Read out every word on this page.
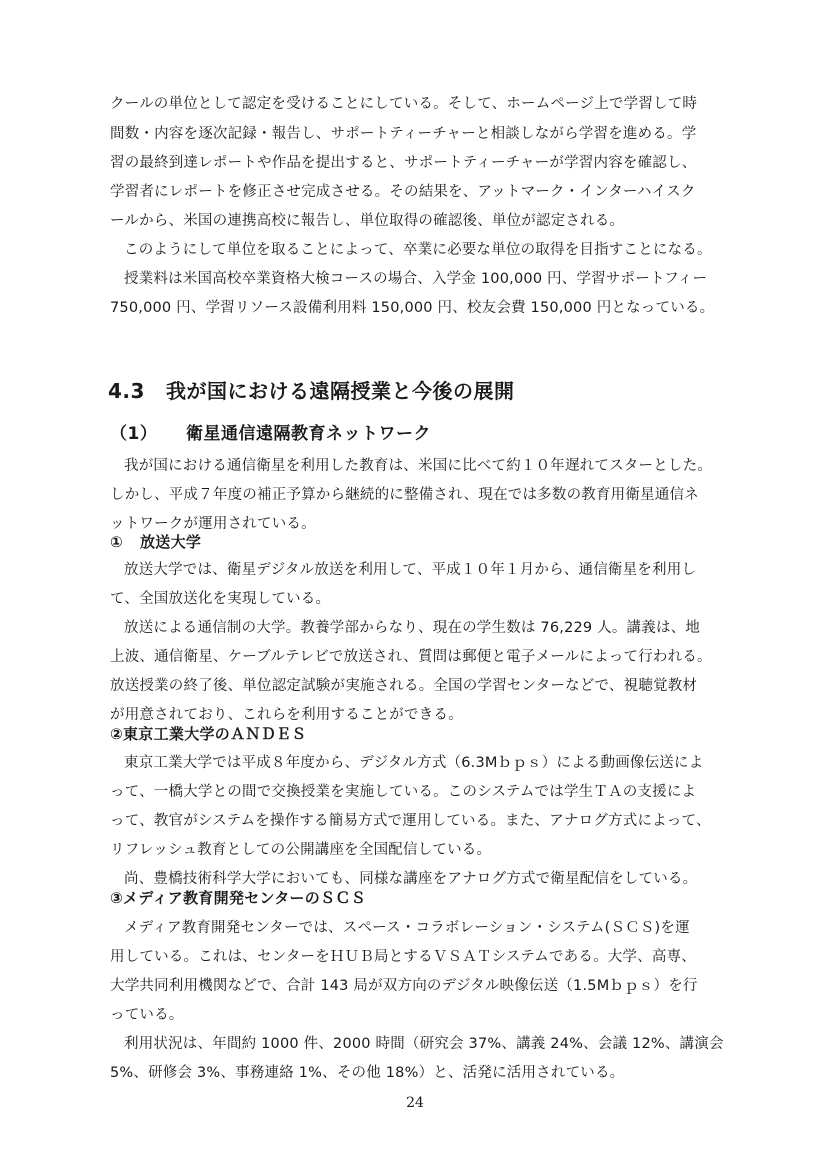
クールの単位として認定を受けることにしている。そして、ホームページ上で学習して時
間数・内容を逐次記録・報告し、サポートティーチャーと相談しながら学習を進める。学
習の最終到達レポートや作品を提出すると、サポートティーチャーが学習内容を確認し、
学習者にレポートを修正させ完成させる。その結果を、アットマーク・インターハイスク
ールから、米国の連携高校に報告し、単位取得の確認後、単位が認定される。
このようにして単位を取ることによって、卒業に必要な単位の取得を目指すことになる。
授業料は米国高校卒業資格大検コースの場合、入学金 100,000 円、学習サポートフィー
750,000 円、学習リソース設備利用料 150,000 円、校友会費 150,000 円となっている。
4.3 我が国における遠隔授業と今後の展開
（1） 衛星通信遠隔教育ネットワーク
我が国における通信衛星を利用した教育は、米国に比べて約１０年遅れてスターとした。
しかし、平成７年度の補正予算から継続的に整備され、現在では多数の教育用衛星通信ネ
ットワークが運用されている。
① 放送大学
放送大学では、衛星デジタル放送を利用して、平成１０年１月から、通信衛星を利用し
て、全国放送化を実現している。
放送による通信制の大学。教養学部からなり、現在の学生数は 76,229 人。講義は、地
上波、通信衛星、ケーブルテレビで放送され、質問は郵便と電子メールによって行われる。
放送授業の終了後、単位認定試験が実施される。全国の学習センターなどで、視聴覚教材
が用意されており、これらを利用することができる。
②東京工業大学のＡＮＤＥＳ
東京工業大学では平成８年度から、デジタル方式（6.3Mｂｐｓ）による動画像伝送によ
って、一橋大学との間で交換授業を実施している。このシステムでは学生ＴＡの支援によ
って、教官がシステムを操作する簡易方式で運用している。また、アナログ方式によって、
リフレッシュ教育としての公開講座を全国配信している。
尚、豊橋技術科学大学においても、同様な講座をアナログ方式で衛星配信をしている。
③メディア教育開発センターのＳＣＳ
メディア教育開発センターでは、スペース・コラボレーション・システム(ＳＣＳ)を運
用している。これは、センターをＨＵＢ局とするＶＳＡＴシステムである。大学、高専、
大学共同利用機関などで、合計 143 局が双方向のデジタル映像伝送（1.5Mｂｐｓ）を行
っている。
利用状況は、年間約 1000 件、2000 時間（研究会 37%、講義 24%、会議 12%、講演会
5%、研修会 3%、事務連絡 1%、その他 18%）と、活発に活用されている。
24
